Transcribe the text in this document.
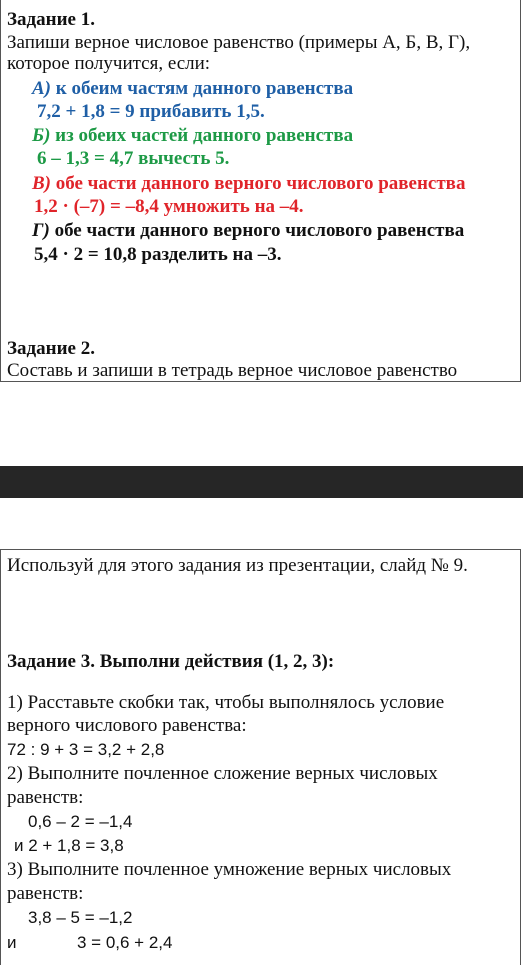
Задание 1.
Запиши верное числовое равенство (примеры А, Б, В, Г),
которое получится, если:
А) к обеим частям данного равенства
7,2 + 1,8 = 9 прибавить 1,5.
Б) из обеих частей данного равенства
6 – 1,3 = 4,7 вычесть 5.
В) обе части данного верного числового равенства
1,2 · (–7) = –8,4 умножить на –4.
Г) обе части данного верного числового равенства
5,4 · 2 = 10,8 разделить на –3.
Задание 2.
Составь и запиши в тетрадь верное числовое равенство
Используй для этого задания из презентации, слайд № 9.
Задание 3. Выполни действия (1, 2, 3):
1) Расставьте скобки так, чтобы выполнялось условие
верного числового равенства:
72 : 9 + 3 = 3,2 + 2,8
2) Выполните почленное сложение верных числовых
равенств:
0,6 – 2 = –1,4
и 2 + 1,8 = 3,8
3) Выполните почленное умножение верных числовых
равенств:
3,8 – 5 = –1,2
и	3 = 0,6 + 2,4
